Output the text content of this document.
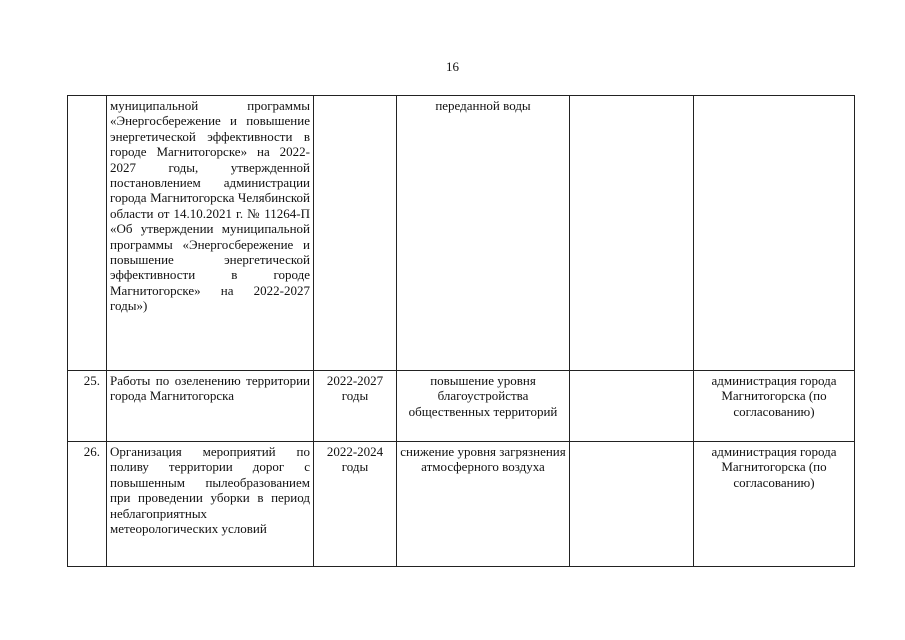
16
	муниципальной программы «Энергосбережение и повышение энергетической эффективности в городе Магнитогорске» на 2022-2027 годы, утвержденной постановлением администрации города Магнитогорска Челябинской области от 14.10.2021 г. № 11264-П «Об утверждении муниципальной программы «Энергосбережение и повышение энергетической эффективности в городе Магнитогорске» на 2022-2027 годы»)		переданной воды		
25.	Работы по озеленению территории города Магнитогорска	2022-2027 годы	повышение уровня благоустройства общественных территорий		администрация города Магнитогорска (по согласованию)
26.	Организация мероприятий по поливу территории дорог с повышенным пылеобразованием при проведении уборки в период неблагоприятных метеорологических условий	2022-2024 годы	снижение уровня загрязнения атмосферного воздуха		администрация города Магнитогорска (по согласованию)
